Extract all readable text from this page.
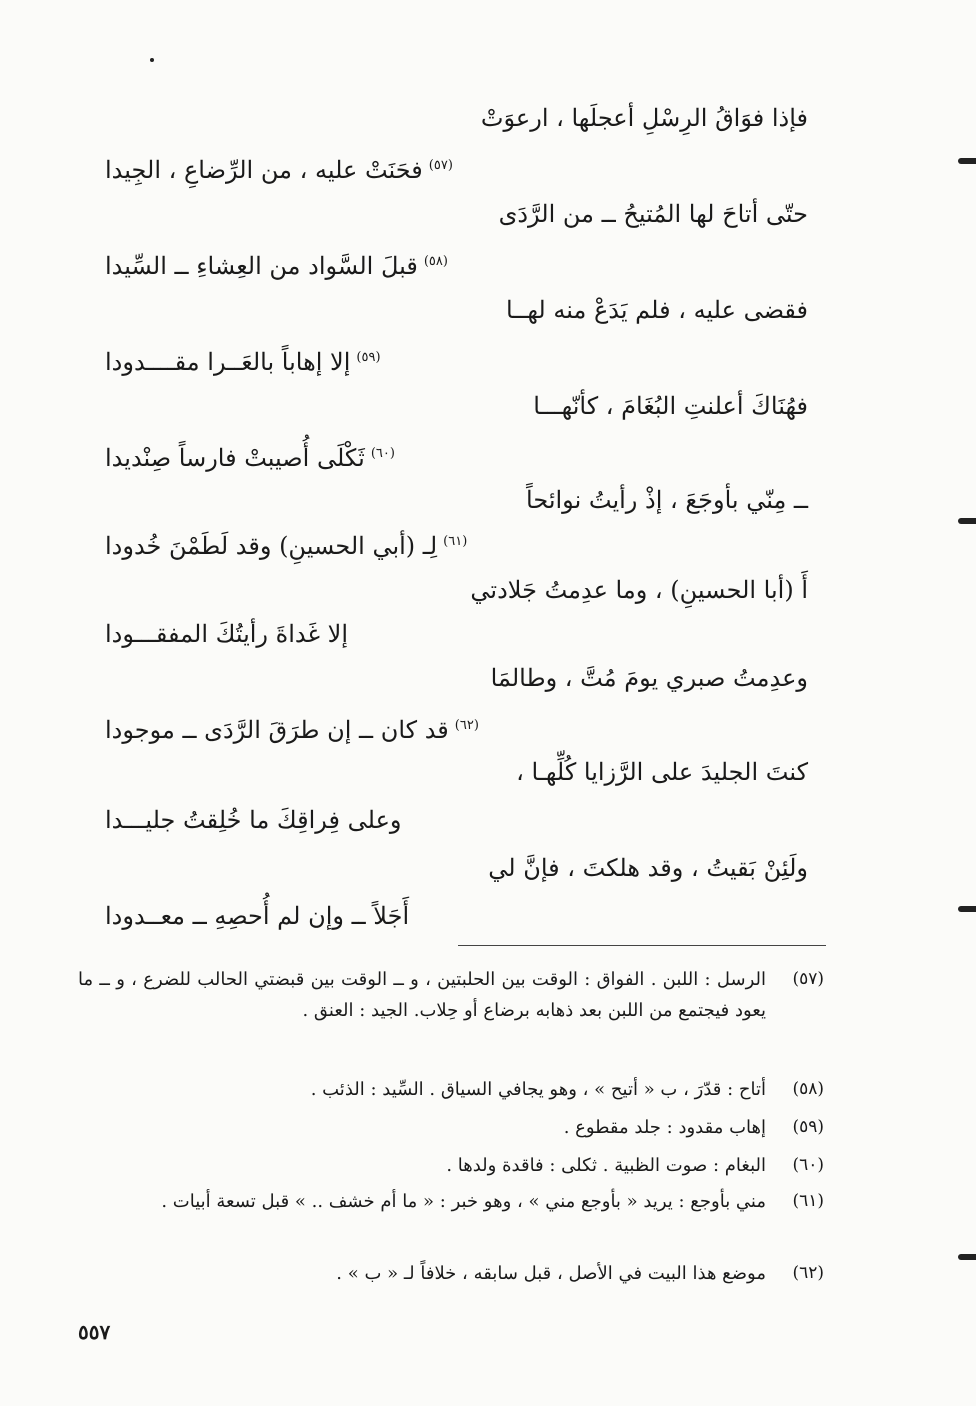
فإذا فوَاقُ الرِسْلِ أعجلَها ، ارعوَتْ
$^{(٥٧)}$فحَنَتْ عليه ، من الرِّضاعِ ، الجِيدا
حتّى أتاحَ لها المُتيحُ ــ من الرَّدَى
$^{(٥٨)}$قبلَ السَّواد من العِشاءِ ــ السِّيدا
فقضى عليه ، فلم يَدَعْ منه لهــا
$^{(٥٩)}$إلا إهاباً بالعَــرا مقــــدودا
فهُنَاكَ أعلنتِ البُغَامَ ، كأنّهـــا
$^{(٦٠)}$ثَكْلَى أُصيبتْ فارساً صِنْديدا
ــ مِنّي بأوجَعَ ، إذْ رأيتُ نوائحاً
$^{(٦١)}$لِـ (أبي الحسينِ) وقد لَطَمْنَ خُدودا
أَ (أبا الحسينِ) ، وما عدِمتُ جَلادتي
إلا غَداةَ رأيتُكَ المفقـــودا
وعدِمتُ صبري يومَ مُتَّ ، وطالمَا
$^{(٦٢)}$قد كان ــ إن طرَقَ الرَّدَى ــ موجودا
كنتَ الجليدَ على الرَّزايا كُلِّهـا ،
وعلى فِراقِكَ ما خُلِقتُ جليـــدا
ولَئِنْ بَقيتُ ، وقد هلكتَ ، فإنَّ لي
أَجَلاً ــ وإن لم أُحصِهِ ــ معــدودا
(٥٧)
الرسل : اللبن . الفواق : الوقت بين الحلبتين ، و ــ الوقت بين قبضتي الحالب للضرع ، و ــ ما يعود فيجتمع من اللبن بعد ذهابه برضاع أو حِلاب. الجيد : العنق .
(٥٨)
أتاح : قدّرَ ، ب « أتيح » ، وهو يجافي السياق . السِّيد : الذئب .
(٥٩)
إهاب مقدود : جلد مقطوع .
(٦٠)
البغام : صوت الظبية . ثكلى : فاقدة ولدها .
(٦١)
مني بأوجع : يريد « بأوجع مني » ، وهو خبر : « ما أم خشف .. » قبل تسعة أبيات .
(٦٢)
موضع هذا البيت في الأصل ، قبل سابقه ، خلافاً لـ « ب » .
٥٥٧
